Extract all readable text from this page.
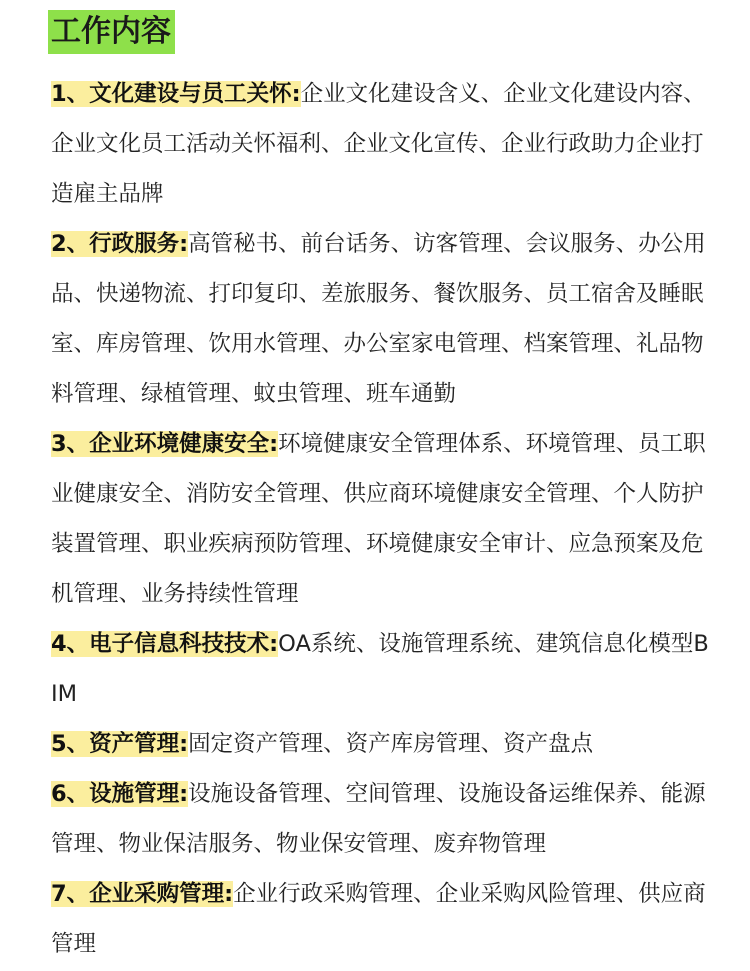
工作内容

1、文化建设与员工关怀:企业文化建设含义、企业文化建设内容、企业文化员工活动关怀福利、企业文化宣传、企业行政助力企业打造雇主品牌

2、行政服务:高管秘书、前台话务、访客管理、会议服务、办公用品、快递物流、打印复印、差旅服务、餐饮服务、员工宿舍及睡眠室、库房管理、饮用水管理、办公室家电管理、档案管理、礼品物料管理、绿植管理、蚊虫管理、班车通勤

3、企业环境健康安全:环境健康安全管理体系、环境管理、员工职业健康安全、消防安全管理、供应商环境健康安全管理、个人防护装置管理、职业疾病预防管理、环境健康安全审计、应急预案及危机管理、业务持续性管理

4、电子信息科技技术:OA系统、设施管理系统、建筑信息化模型BIM

5、资产管理:固定资产管理、资产库房管理、资产盘点

6、设施管理:设施设备管理、空间管理、设施设备运维保养、能源管理、物业保洁服务、物业保安管理、废弃物管理

7、企业采购管理:企业行政采购管理、企业采购风险管理、供应商管理
